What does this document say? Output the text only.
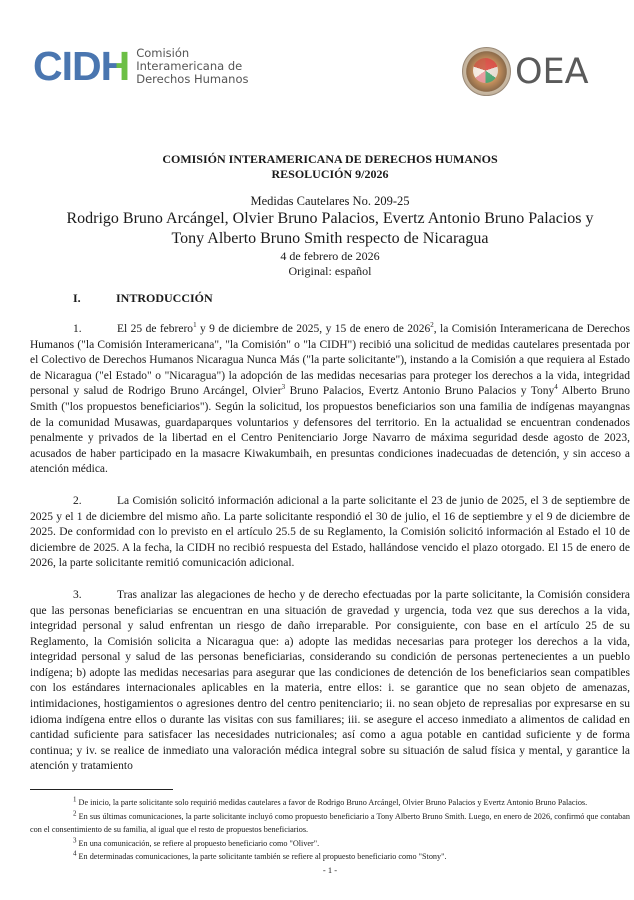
CIDH Comisión
Interamericana de
Derechos Humanos	OEA
COMISIÓN INTERAMERICANA DE DERECHOS HUMANOS
RESOLUCIÓN 9/2026
Medidas Cautelares No. 209-25
Rodrigo Bruno Arcángel, Olvier Bruno Palacios, Evertz Antonio Bruno Palacios y
Tony Alberto Bruno Smith respecto de Nicaragua
4 de febrero de 2026
Original: español
I.	INTRODUCCIÓN
1.	El 25 de febrero$^1$ y 9 de diciembre de 2025, y 15 de enero de 2026$^2$, la Comisión Interamericana de Derechos Humanos ("la Comisión Interamericana", "la Comisión" o "la CIDH") recibió una solicitud de medidas cautelares presentada por el Colectivo de Derechos Humanos Nicaragua Nunca Más ("la parte solicitante"), instando a la Comisión a que requiera al Estado de Nicaragua ("el Estado" o "Nicaragua") la adopción de las medidas necesarias para proteger los derechos a la vida, integridad personal y salud de Rodrigo Bruno Arcángel, Olvier$^3$ Bruno Palacios, Evertz Antonio Bruno Palacios y Tony$^4$ Alberto Bruno Smith ("los propuestos beneficiarios"). Según la solicitud, los propuestos beneficiarios son una familia de indígenas mayangnas de la comunidad Musawas, guardaparques voluntarios y defensores del territorio. En la actualidad se encuentran condenados penalmente y privados de la libertad en el Centro Penitenciario Jorge Navarro de máxima seguridad desde agosto de 2023, acusados de haber participado en la masacre Kiwakumbaih, en presuntas condiciones inadecuadas de detención, y sin acceso a atención médica.
2.	La Comisión solicitó información adicional a la parte solicitante el 23 de junio de 2025, el 3 de septiembre de 2025 y el 1 de diciembre del mismo año. La parte solicitante respondió el 30 de julio, el 16 de septiembre y el 9 de diciembre de 2025. De conformidad con lo previsto en el artículo 25.5 de su Reglamento, la Comisión solicitó información al Estado el 10 de diciembre de 2025. A la fecha, la CIDH no recibió respuesta del Estado, hallándose vencido el plazo otorgado. El 15 de enero de 2026, la parte solicitante remitió comunicación adicional.
3.	Tras analizar las alegaciones de hecho y de derecho efectuadas por la parte solicitante, la Comisión considera que las personas beneficiarias se encuentran en una situación de gravedad y urgencia, toda vez que sus derechos a la vida, integridad personal y salud enfrentan un riesgo de daño irreparable. Por consiguiente, con base en el artículo 25 de su Reglamento, la Comisión solicita a Nicaragua que: a) adopte las medidas necesarias para proteger los derechos a la vida, integridad personal y salud de las personas beneficiarias, considerando su condición de personas pertenecientes a un pueblo indígena; b) adopte las medidas necesarias para asegurar que las condiciones de detención de los beneficiarios sean compatibles con los estándares internacionales aplicables en la materia, entre ellos: i. se garantice que no sean objeto de amenazas, intimidaciones, hostigamientos o agresiones dentro del centro penitenciario; ii. no sean objeto de represalias por expresarse en su idioma indígena entre ellos o durante las visitas con sus familiares; iii. se asegure el acceso inmediato a alimentos de calidad en cantidad suficiente para satisfacer las necesidades nutricionales; así como a agua potable en cantidad suficiente y de forma continua; y iv. se realice de inmediato una valoración médica integral sobre su situación de salud física y mental, y garantice la atención y tratamiento
$^1$ De inicio, la parte solicitante solo requirió medidas cautelares a favor de Rodrigo Bruno Arcángel, Olvier Bruno Palacios y Evertz Antonio Bruno Palacios.
$^2$ En sus últimas comunicaciones, la parte solicitante incluyó como propuesto beneficiario a Tony Alberto Bruno Smith. Luego, en enero de 2026, confirmó que contaban con el consentimiento de su familia, al igual que el resto de propuestos beneficiarios.
$^3$ En una comunicación, se refiere al propuesto beneficiario como "Oliver".
$^4$ En determinadas comunicaciones, la parte solicitante también se refiere al propuesto beneficiario como "Stony".
- 1 -
